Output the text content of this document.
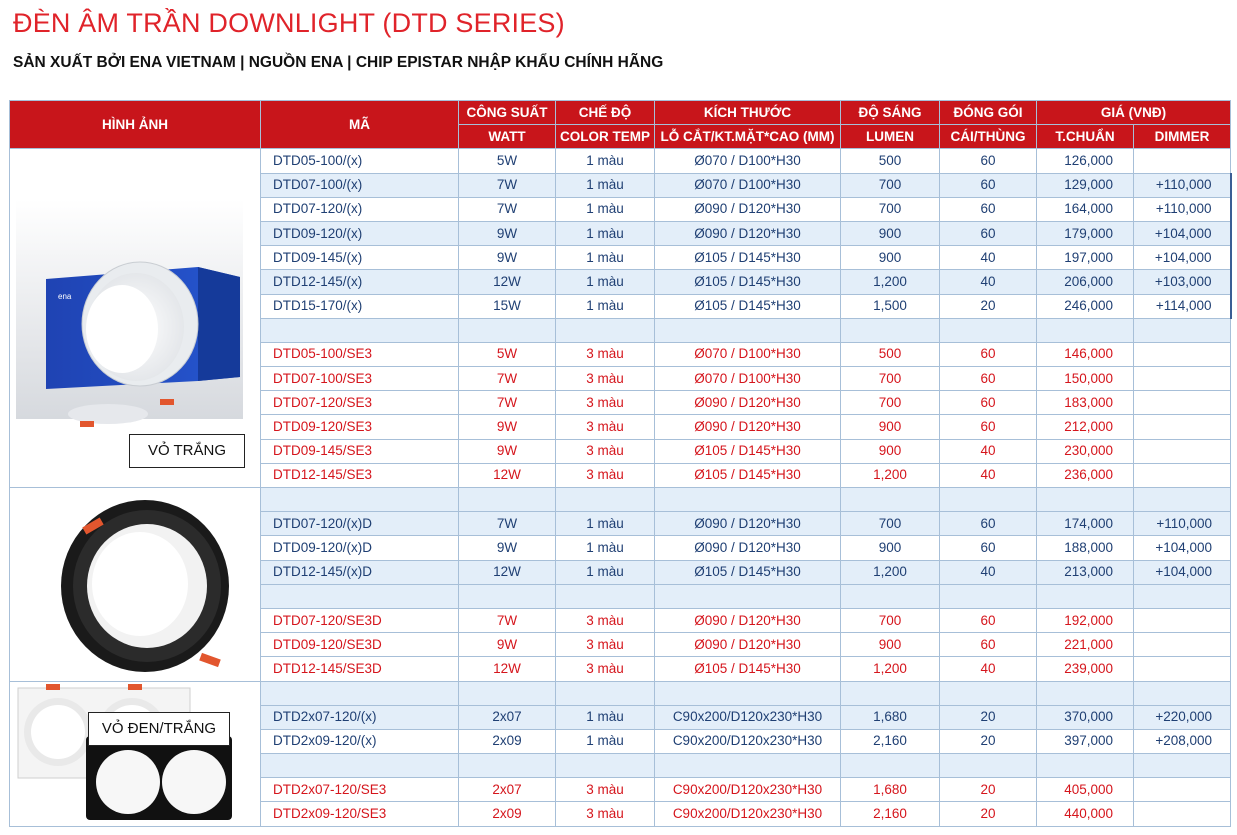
ĐÈN ÂM TRẦN DOWNLIGHT (DTD SERIES)
SẢN XUẤT BỞI ENA VIETNAM | NGUỒN ENA | CHIP EPISTAR NHẬP KHẨU CHÍNH HÃNG
HÌNH ẢNH	MÃ	CÔNG SUẤT	CHẾ ĐỘ	KÍCH THƯỚC	ĐỘ SÁNG	ĐÓNG GÓI	GIÁ (VNĐ)	
		WATT	COLOR TEMP	LỖ CẮT/KT.MẶT*CAO (MM)	LUMEN	CÁI/THÙNG	T.CHUẨN	DIMMER

ena
VỎ TRẮNG	DTD05-100/(x)	5W	1 màu	Ø070 / D100*H30	500	60	126,000	
	DTD07-100/(x)	7W	1 màu	Ø070 / D100*H30	700	60	129,000	+110,000
	DTD07-120/(x)	7W	1 màu	Ø090 / D120*H30	700	60	164,000	+110,000
	DTD09-120/(x)	9W	1 màu	Ø090 / D120*H30	900	60	179,000	+104,000
	DTD09-145/(x)	9W	1 màu	Ø105 / D145*H30	900	40	197,000	+104,000
	DTD12-145/(x)	12W	1 màu	Ø105 / D145*H30	1,200	40	206,000	+103,000
	DTD15-170/(x)	15W	1 màu	Ø105 / D145*H30	1,500	20	246,000	+114,000

	DTD05-100/SE3	5W	3 màu	Ø070 / D100*H30	500	60	146,000	
	DTD07-100/SE3	7W	3 màu	Ø070 / D100*H30	700	60	150,000	
	DTD07-120/SE3	7W	3 màu	Ø090 / D120*H30	700	60	183,000	
	DTD09-120/SE3	9W	3 màu	Ø090 / D120*H30	900	60	212,000	
	DTD09-145/SE3	9W	3 màu	Ø105 / D145*H30	900	40	230,000	
	DTD12-145/SE3	12W	3 màu	Ø105 / D145*H30	1,200	40	236,000	

	DTD07-120/(x)D	7W	1 màu	Ø090 / D120*H30	700	60	174,000	+110,000
	DTD09-120/(x)D	9W	1 màu	Ø090 / D120*H30	900	60	188,000	+104,000
	DTD12-145/(x)D	12W	1 màu	Ø105 / D145*H30	1,200	40	213,000	+104,000

	DTD07-120/SE3D	7W	3 màu	Ø090 / D120*H30	700	60	192,000	
	DTD09-120/SE3D	9W	3 màu	Ø090 / D120*H30	900	60	221,000	
	DTD12-145/SE3D	12W	3 màu	Ø105 / D145*H30	1,200	40	239,000	

VỎ ĐEN/TRẮNG								

	DTD2x07-120/(x)	2x07	1 màu	C90x200/D120x230*H30	1,680	20	370,000	+220,000
	DTD2x09-120/(x)	2x09	1 màu	C90x200/D120x230*H30	2,160	20	397,000	+208,000

	DTD2x07-120/SE3	2x07	3 màu	C90x200/D120x230*H30	1,680	20	405,000	
	DTD2x09-120/SE3	2x09	3 màu	C90x200/D120x230*H30	2,160	20	440,000	
